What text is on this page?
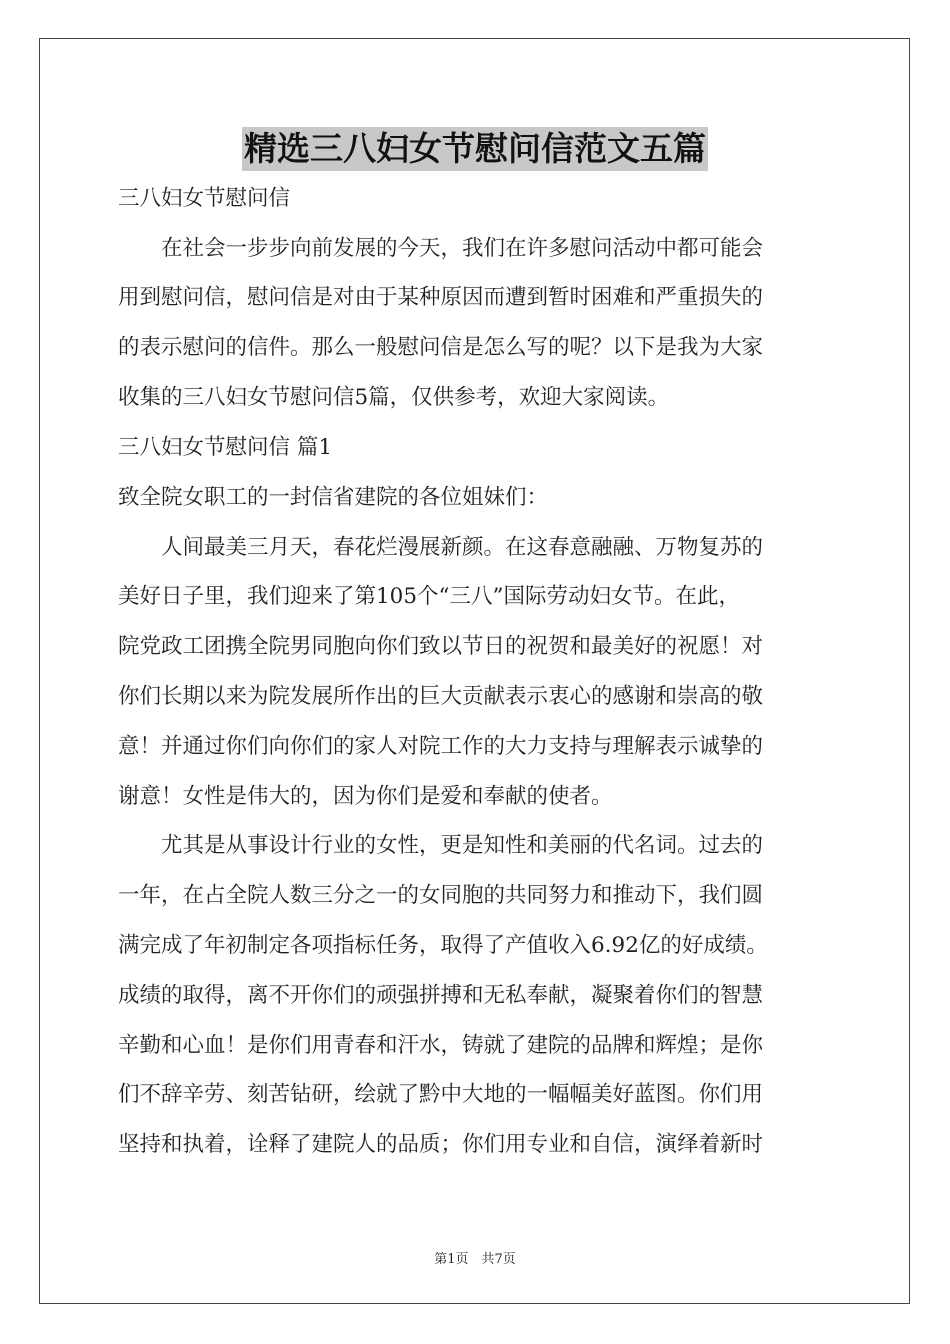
精选三八妇女节慰问信范文五篇
三八妇女节慰问信
　　在社会一步步向前发展的今天，我们在许多慰问活动中都可能会
用到慰问信，慰问信是对由于某种原因而遭到暂时困难和严重损失的
的表示慰问的信件。那么一般慰问信是怎么写的呢？以下是我为大家
收集的三八妇女节慰问信5篇，仅供参考，欢迎大家阅读。
三八妇女节慰问信 篇1
致全院女职工的一封信省建院的各位姐妹们：
　　人间最美三月天，春花烂漫展新颜。在这春意融融、万物复苏的
美好日子里，我们迎来了第105个“三八”国际劳动妇女节。在此，
院党政工团携全院男同胞向你们致以节日的祝贺和最美好的祝愿！对
你们长期以来为院发展所作出的巨大贡献表示衷心的感谢和崇高的敬
意！并通过你们向你们的家人对院工作的大力支持与理解表示诚挚的
谢意！女性是伟大的，因为你们是爱和奉献的使者。
　　尤其是从事设计行业的女性，更是知性和美丽的代名词。过去的
一年，在占全院人数三分之一的女同胞的共同努力和推动下，我们圆
满完成了年初制定各项指标任务，取得了产值收入6.92亿的好成绩。
成绩的取得，离不开你们的顽强拼搏和无私奉献，凝聚着你们的智慧
辛勤和心血！是你们用青春和汗水，铸就了建院的品牌和辉煌；是你
们不辞辛劳、刻苦钻研，绘就了黔中大地的一幅幅美好蓝图。你们用
坚持和执着，诠释了建院人的品质；你们用专业和自信，演绎着新时
第1页　共7页
